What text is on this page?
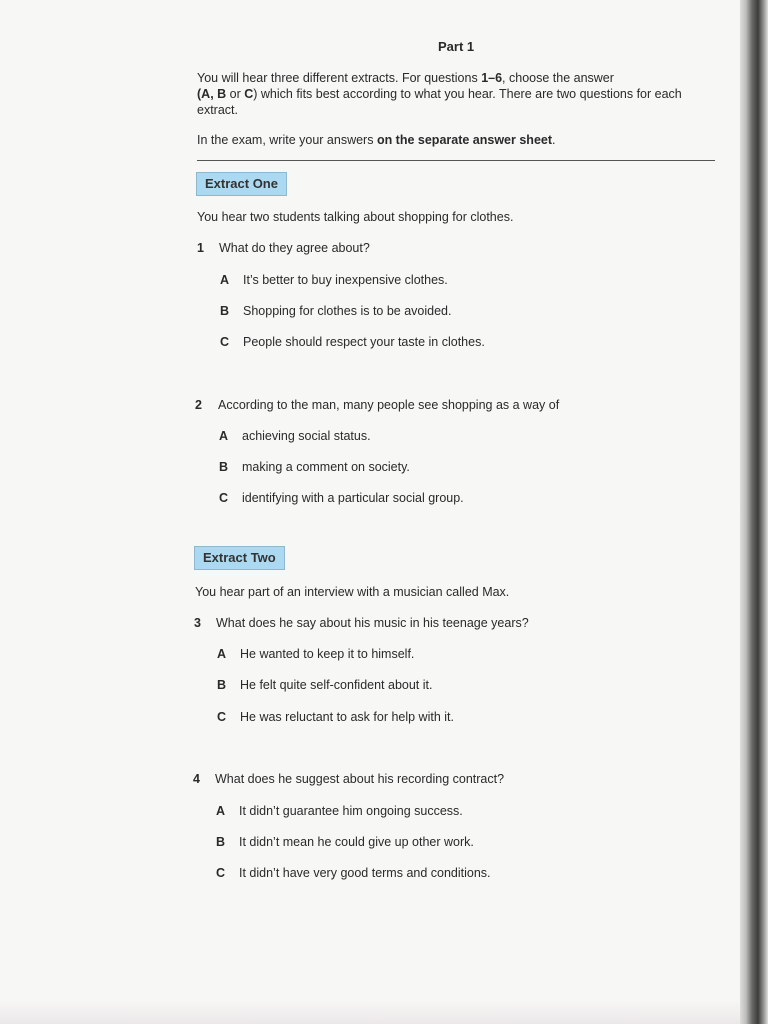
Part 1
You will hear three different extracts. For questions 1–6, choose the answer
(A, B or C) which fits best according to what you hear. There are two questions for each extract.
In the exam, write your answers on the separate answer sheet.
Extract One
You hear two students talking about shopping for clothes.
1 What do they agree about?
A It’s better to buy inexpensive clothes.
B Shopping for clothes is to be avoided.
C People should respect your taste in clothes.
2 According to the man, many people see shopping as a way of
A achieving social status.
B making a comment on society.
C identifying with a particular social group.
Extract Two
You hear part of an interview with a musician called Max.
3 What does he say about his music in his teenage years?
A He wanted to keep it to himself.
B He felt quite self-confident about it.
C He was reluctant to ask for help with it.
4 What does he suggest about his recording contract?
A It didn’t guarantee him ongoing success.
B It didn’t mean he could give up other work.
C It didn’t have very good terms and conditions.
